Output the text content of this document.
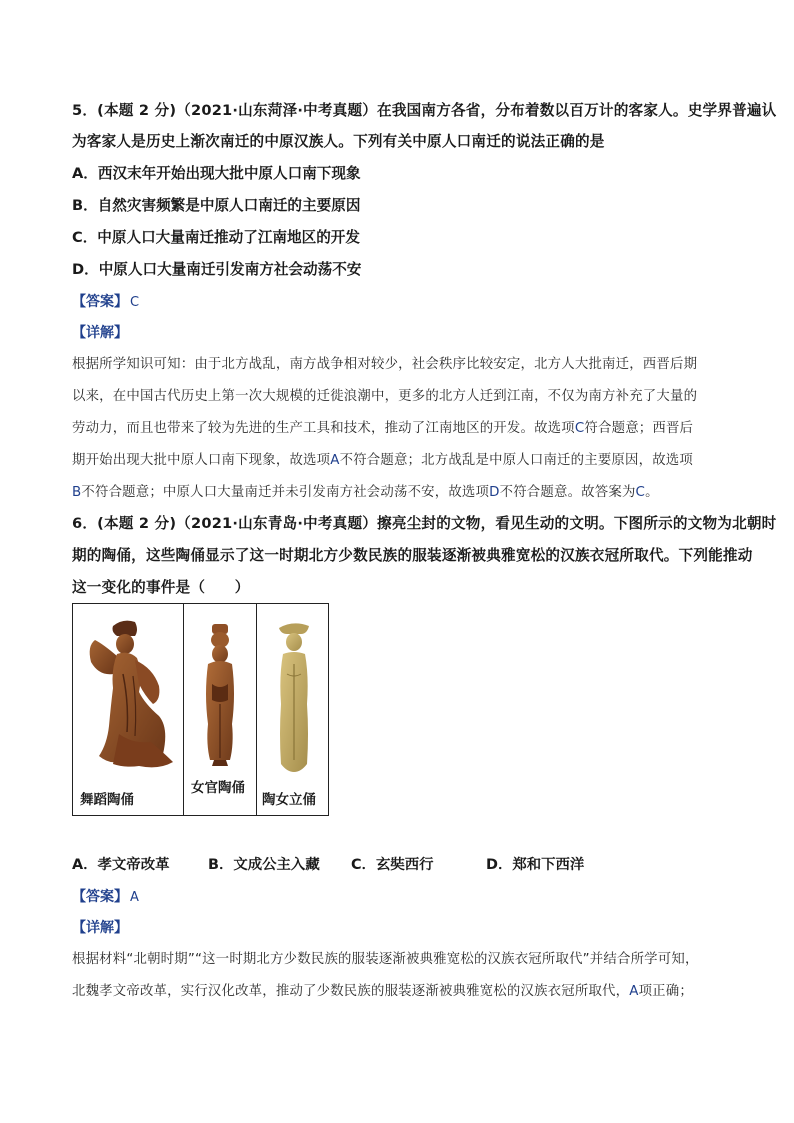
5．(本题 2 分)（2021·山东菏泽·中考真题）在我国南方各省，分布着数以百万计的客家人。史学界普遍认
为客家人是历史上渐次南迁的中原汉族人。下列有关中原人口南迁的说法正确的是
A．西汉末年开始出现大批中原人口南下现象
B．自然灾害频繁是中原人口南迁的主要原因
C．中原人口大量南迁推动了江南地区的开发
D．中原人口大量南迁引发南方社会动荡不安
【答案】 C
【详解】
根据所学知识可知：由于北方战乱，南方战争相对较少，社会秩序比较安定，北方人大批南迁，西晋后期
以来，在中国古代历史上第一次大规模的迁徙浪潮中，更多的北方人迁到江南，不仅为南方补充了大量的
劳动力，而且也带来了较为先进的生产工具和技术，推动了江南地区的开发。故选项C符合题意；西晋后
期开始出现大批中原人口南下现象，故选项A不符合题意；北方战乱是中原人口南迁的主要原因，故选项
B不符合题意；中原人口大量南迁并未引发南方社会动荡不安，故选项D不符合题意。故答案为C。
6．(本题 2 分)（2021·山东青岛·中考真题）擦亮尘封的文物，看见生动的文明。下图所示的文物为北朝时
期的陶俑，这些陶俑显示了这一时期北方少数民族的服装逐渐被典雅宽松的汉族衣冠所取代。下列能推动
这一变化的事件是（　　）
舞蹈陶俑
女官陶俑
陶女立俑
A．孝文帝改革	B．文成公主入藏 C．玄奘西行	D．郑和下西洋
【答案】 A
【详解】
根据材料“北朝时期”“这一时期北方少数民族的服装逐渐被典雅宽松的汉族衣冠所取代”并结合所学可知，
北魏孝文帝改革，实行汉化改革，推动了少数民族的服装逐渐被典雅宽松的汉族衣冠所取代，A项正确；
